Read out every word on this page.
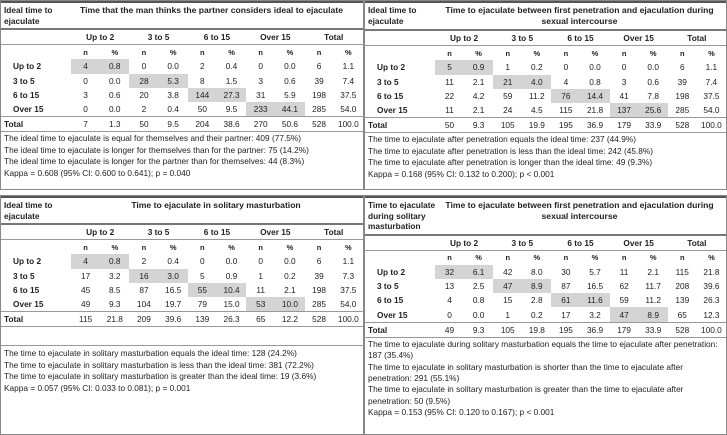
Ideal time to ejaculate
Time that the man thinks the partner considers ideal to ejaculate
	Up to 2		3 to 5		6 to 15		Over 15		Total	
	n	%	n	%	n	%	n	%	n	%
Up to 2	4	0.8	0	0.0	2	0.4	0	0.0	6	1.1
3 to 5	0	0.0	28	5.3	8	1.5	3	0.6	39	7.4
6 to 15	3	0.6	20	3.8	144	27.3	31	5.9	198	37.5
Over 15	0	0.0	2	0.4	50	9.5	233	44.1	285	54.0
Total	7	1.3	50	9.5	204	38.6	270	50.6	528	100.0
The ideal time to ejaculate is equal for themselves and their partner: 409 (77.5%)
The ideal time to ejaculate is longer for themselves than for the partner: 75 (14.2%)
The ideal time to ejaculate is longer for the partner than for themselves: 44 (8.3%)
Kappa = 0.608 (95% CI: 0.600 to 0.641); p = 0.040
Ideal time to ejaculate
Time to ejaculate between first penetration and ejaculation during sexual intercourse
	Up to 2		3 to 5		6 to 15		Over 15		Total	
	n	%	n	%	n	%	n	%	n	%
Up to 2	5	0.9	1	0.2	0	0.0	0	0.0	6	1.1
3 to 5	11	2.1	21	4.0	4	0.8	3	0.6	39	7.4
6 to 15	22	4.2	59	11.2	76	14.4	41	7.8	198	37.5
Over 15	11	2.1	24	4.5	115	21.8	137	25.6	285	54.0
Total	50	9.3	105	19.9	195	36.9	179	33.9	528	100.0
The time to ejaculate after penetration equals the ideal time: 237 (44.9%)
The time to ejaculate after penetration is less than the ideal time: 242 (45.8%)
The time to ejaculate after penetration is longer than the ideal time: 49 (9.3%)
Kappa = 0.168 (95% CI: 0.132 to 0.200); p < 0.001
Ideal time to ejaculate
Time to ejaculate in solitary masturbation
	Up to 2		3 to 5		6 to 15		Over 15		Total	
	n	%	n	%	n	%	n	%	n	%
Up to 2	4	0.8	2	0.4	0	0.0	0	0.0	6	1.1
3 to 5	17	3.2	16	3.0	5	0.9	1	0.2	39	7.3
6 to 15	45	8.5	87	16.5	55	10.4	11	2.1	198	37.5
Over 15	49	9.3	104	19.7	79	15.0	53	10.0	285	54.0
Total	115	21.8	209	39.6	139	26.3	65	12.2	528	100.0
The time to ejaculate in solitary masturbation equals the ideal time: 128 (24.2%)
The time to ejaculate in solitary masturbation is less than the ideal time: 381 (72.2%)
The time to ejaculate in solitary masturbation is greater than the ideal time: 19 (3.6%)
Kappa = 0.057 (95% CI: 0.033 to 0.081); p = 0.001
Time to ejaculate during solitary masturbation
Time to ejaculate between first penetration and ejaculation during sexual intercourse
	Up to 2		3 to 5		6 to 15		Over 15		Total	
	n	%	n	%	n	%	n	%	n	%
Up to 2	32	6.1	42	8.0	30	5.7	11	2.1	115	21.8
3 to 5	13	2.5	47	8.9	87	16.5	62	11.7	208	39.6
6 to 15	4	0.8	15	2.8	61	11.6	59	11.2	139	26.3
Over 15	0	0.0	1	0.2	17	3.2	47	8.9	65	12.3
Total	49	9.3	105	19.8	195	36.9	179	33.9	528	100.0
The time to ejaculate during solitary masturbation equals the time to ejaculate after penetration: 187 (35.4%)
The time to ejaculate in solitary masturbation is shorter than the time to ejaculate after penetration: 291 (55.1%)
The time to ejaculate in solitary masturbation is greater than the time to ejaculate after penetration: 50 (9.5%)
Kappa = 0.153 (95% CI: 0.120 to 0.167); p < 0.001
